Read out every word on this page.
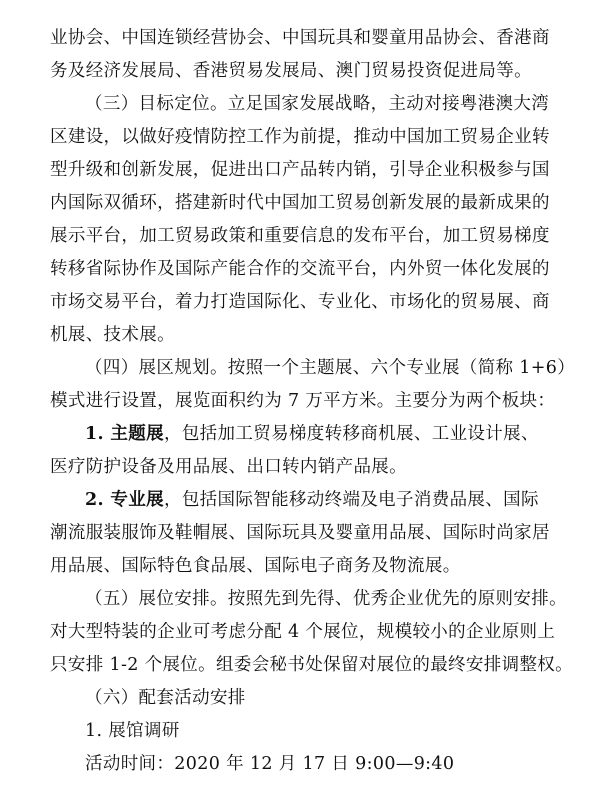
业协会、中国连锁经营协会、中国玩具和婴童用品协会、香港商
务及经济发展局、香港贸易发展局、澳门贸易投资促进局等。
（三）目标定位。立足国家发展战略，主动对接粤港澳大湾
区建设，以做好疫情防控工作为前提，推动中国加工贸易企业转
型升级和创新发展，促进出口产品转内销，引导企业积极参与国
内国际双循环，搭建新时代中国加工贸易创新发展的最新成果的
展示平台，加工贸易政策和重要信息的发布平台，加工贸易梯度
转移省际协作及国际产能合作的交流平台，内外贸一体化发展的
市场交易平台，着力打造国际化、专业化、市场化的贸易展、商
机展、技术展。
（四）展区规划。按照一个主题展、六个专业展（简称 1+6）
模式进行设置，展览面积约为 7 万平方米。主要分为两个板块：
1. 主题展，包括加工贸易梯度转移商机展、工业设计展、
医疗防护设备及用品展、出口转内销产品展。
2. 专业展，包括国际智能移动终端及电子消费品展、国际
潮流服装服饰及鞋帽展、国际玩具及婴童用品展、国际时尚家居
用品展、国际特色食品展、国际电子商务及物流展。
（五）展位安排。按照先到先得、优秀企业优先的原则安排。
对大型特装的企业可考虑分配 4 个展位，规模较小的企业原则上
只安排 1-2 个展位。组委会秘书处保留对展位的最终安排调整权。
（六）配套活动安排
1. 展馆调研
活动时间：2020 年 12 月 17 日 9:00—9:40
